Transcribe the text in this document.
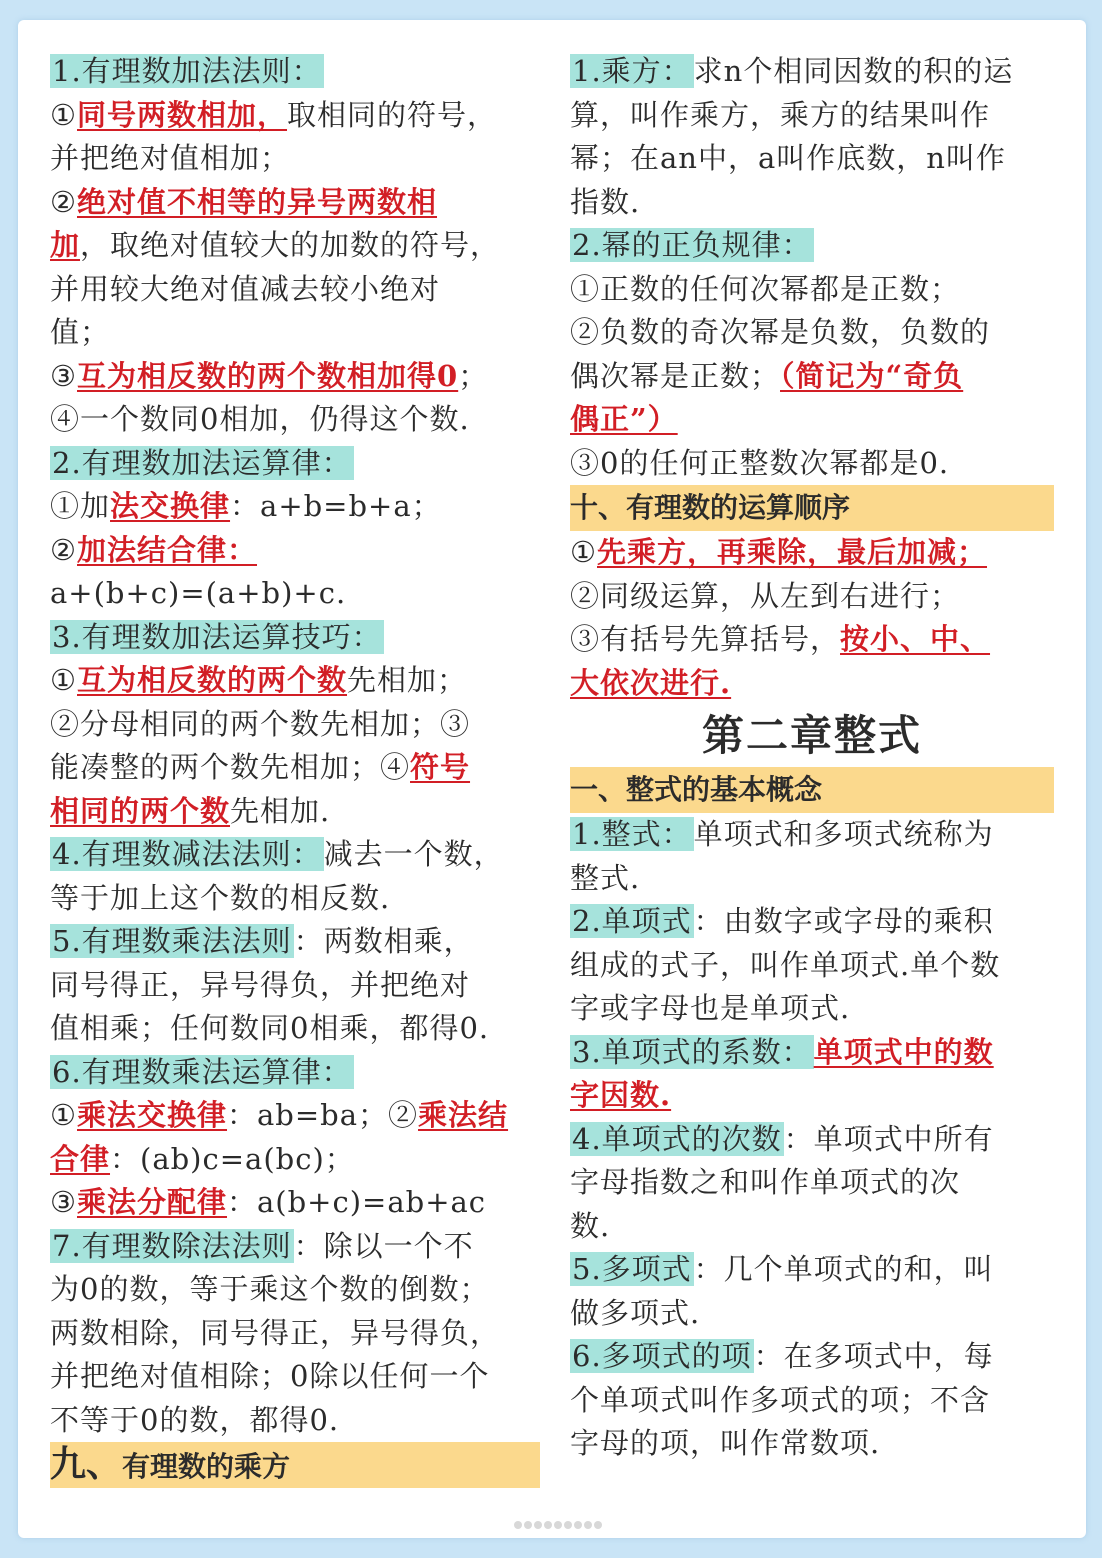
1.有理数加法法则：

①同号两数相加，取相同的符号，

并把绝对值相加；

②绝对值不相等的异号两数相

加，取绝对值较大的加数的符号，

并用较大绝对值减去较小绝对

值；

③互为相反数的两个数相加得0；

④一个数同0相加，仍得这个数.

2.有理数加法运算律：

①加法交换律：a+b=b+a；

②加法结合律：

a+(b+c)=(a+b)+c.

3.有理数加法运算技巧：

①互为相反数的两个数先相加；

②分母相同的两个数先相加；③

能凑整的两个数先相加；④符号

相同的两个数先相加.

4.有理数减法法则：减去一个数，

等于加上这个数的相反数.

5.有理数乘法法则：两数相乘，

同号得正，异号得负，并把绝对

值相乘；任何数同0相乘，都得0.

6.有理数乘法运算律：

①乘法交换律：ab=ba；②乘法结

合律：(ab)c=a(bc)；

③乘法分配律：a(b+c)=ab+ac

7.有理数除法法则：除以一个不

为0的数，等于乘这个数的倒数；

两数相除，同号得正，异号得负，

并把绝对值相除；0除以任何一个

不等于0的数，都得0.

九、有理数的乘方

1.乘方：求n个相同因数的积的运

算，叫作乘方，乘方的结果叫作

幂；在an中，a叫作底数，n叫作

指数.

2.幂的正负规律：

①正数的任何次幂都是正数；

②负数的奇次幂是负数，负数的

偶次幂是正数；（简记为“奇负

偶正”）

③0的任何正整数次幂都是0.

十、有理数的运算顺序

①先乘方，再乘除，最后加减；

②同级运算，从左到右进行；

③有括号先算括号，按小、中、

大依次进行.

第二章整式

一、整式的基本概念

1.整式：单项式和多项式统称为

整式.

2.单项式：由数字或字母的乘积

组成的式子，叫作单项式.单个数

字或字母也是单项式.

3.单项式的系数：单项式中的数

字因数.

4.单项式的次数：单项式中所有

字母指数之和叫作单项式的次

数.

5.多项式：几个单项式的和，叫

做多项式.

6.多项式的项：在多项式中，每

个单项式叫作多项式的项；不含

字母的项，叫作常数项.
